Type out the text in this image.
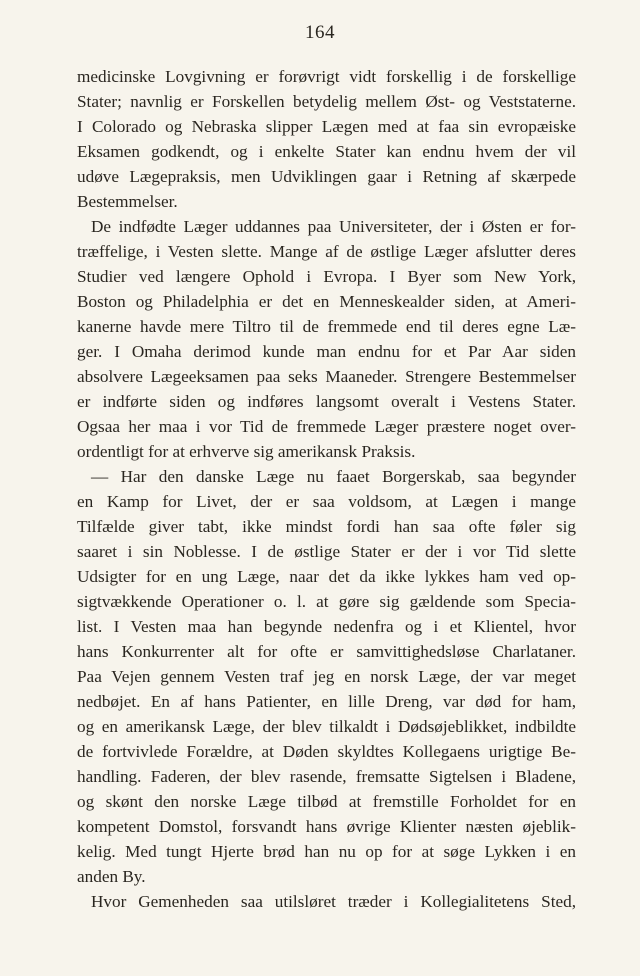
164
medicinske Lovgivning er forøvrigt vidt forskellig i de forskellige
Stater; navnlig er Forskellen betydelig mellem Øst- og Veststaterne.
I Colorado og Nebraska slipper Lægen med at faa sin evropæiske
Eksamen godkendt, og i enkelte Stater kan endnu hvem der vil
udøve Lægepraksis, men Udviklingen gaar i Retning af skærpede
Bestemmelser.
De indfødte Læger uddannes paa Universiteter, der i Østen er for-
træffelige, i Vesten slette. Mange af de østlige Læger afslutter deres
Studier ved længere Ophold i Evropa. I Byer som New York,
Boston og Philadelphia er det en Menneskealder siden, at Ameri-
kanerne havde mere Tiltro til de fremmede end til deres egne Læ-
ger. I Omaha derimod kunde man endnu for et Par Aar siden
absolvere Lægeeksamen paa seks Maaneder. Strengere Bestemmelser
er indførte siden og indføres langsomt overalt i Vestens Stater.
Ogsaa her maa i vor Tid de fremmede Læger præstere noget over-
ordentligt for at erhverve sig amerikansk Praksis.
— Har den danske Læge nu faaet Borgerskab, saa begynder
en Kamp for Livet, der er saa voldsom, at Lægen i mange
Tilfælde giver tabt, ikke mindst fordi han saa ofte føler sig
saaret i sin Noblesse. I de østlige Stater er der i vor Tid slette
Udsigter for en ung Læge, naar det da ikke lykkes ham ved op-
sigtvækkende Operationer o. l. at gøre sig gældende som Specia-
list. I Vesten maa han begynde nedenfra og i et Klientel, hvor
hans Konkurrenter alt for ofte er samvittighedsløse Charlataner.
Paa Vejen gennem Vesten traf jeg en norsk Læge, der var meget
nedbøjet. En af hans Patienter, en lille Dreng, var død for ham,
og en amerikansk Læge, der blev tilkaldt i Dødsøjeblikket, indbildte
de fortvivlede Forældre, at Døden skyldtes Kollegaens urigtige Be-
handling. Faderen, der blev rasende, fremsatte Sigtelsen i Bladene,
og skønt den norske Læge tilbød at fremstille Forholdet for en
kompetent Domstol, forsvandt hans øvrige Klienter næsten øjeblik-
kelig. Med tungt Hjerte brød han nu op for at søge Lykken i en
anden By.
Hvor Gemenheden saa utilsløret træder i Kollegialitetens Sted,
